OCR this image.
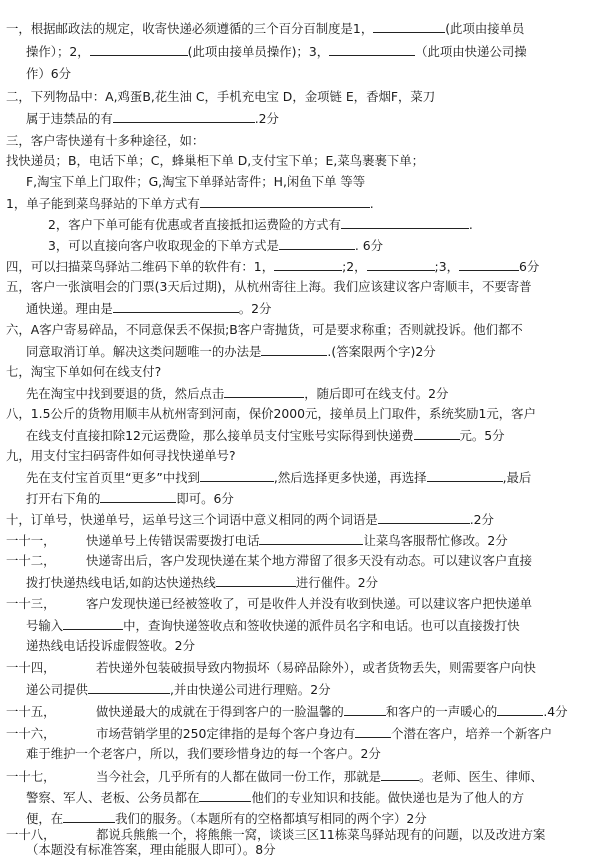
一，根据邮政法的规定，收寄快递必须遵循的三个百分百制度是1，	(此项由接单员
操作）；2，	(此项由接单员操作)；3，	（此项由快递公司操
作）6分
二，下列物品中：A,鸡蛋B,花生油 C，手机充电宝 D，金项链 E，香烟F，菜刀
属于违禁品的有	.2分
三，客户寄快递有十多种途径，如：
找快递员；B，电话下单；C，蜂巢柜下单 D,支付宝下单；E,菜鸟裹裹下单；
F,淘宝下单上门取件；G,淘宝下单驿站寄件；H,闲鱼下单 等等
1，单子能到菜鸟驿站的下单方式有	.
2，客户下单可能有优惠或者直接抵扣运费险的方式有	.
3，可以直接向客户收取现金的下单方式是	. 6分
四，可以扫描菜鸟驿站二维码下单的软件有：1，	;2，	;3，	6分
五，客户一张演唱会的门票(3天后过期)，从杭州寄往上海。我们应该建议客户寄顺丰，不要寄普
通快递。理由是	。2分
六，A客户寄易碎品，不同意保丢不保损;B客户寄抛货，可是要求称重；否则就投诉。他们都不
同意取消订单。解决这类问题唯一的办法是	.(答案限两个字)2分
七，淘宝下单如何在线支付?
先在淘宝中找到要退的货，然后点击	，随后即可在线支付。2分
八，1.5公斤的货物用顺丰从杭州寄到河南，保价2000元，接单员上门取件，系统奖励1元，客户
在线支付直接扣除12元运费险，那么接单员支付宝账号实际得到快递费	元。5分
九，用支付宝扫码寄件如何寻找快递单号?
先在支付宝首页里“更多”中找到	,然后选择更多快递，再选择	,最后
打开右下角的	即可。6分
十，订单号，快递单号，运单号这三个词语中意义相同的两个词语是	.2分
一十一， 快递单号上传错误需要拨打电话	让菜鸟客服帮忙修改。2分
一十二， 快递寄出后，客户发现快递在某个地方滞留了很多天没有动态。可以建议客户直接
拨打快递热线电话,如韵达快递热线	进行催件。2分
一十三， 客户发现快递已经被签收了，可是收件人并没有收到快递。可以建议客户把快递单
号输入	中，查询快递签收点和签收快递的派件员名字和电话。也可以直接拨打快
递热线电话投诉虚假签收。2分
一十四，	若快递外包装破损导致内物损坏（易碎品除外），或者货物丢失，则需要客户向快
递公司提供	,并由快递公司进行理赔。2分
一十五，	做快递最大的成就在于得到客户的一脸温馨的	和客户的一声暖心的	.4分
一十六，	市场营销学里的250定律指的是每个客户身边有	个潜在客户，培养一个新客户
难于维护一个老客户，所以，我们要珍惜身边的每一个客户。2分
一十七，	当今社会，几乎所有的人都在做同一份工作，那就是	。老师、医生、律师、
警察、军人、老板、公务员都在	他们的专业知识和技能。做快递也是为了他人的方
便，在	我们的服务。（本题所有的空格都填写相同的两个字）2分
一十八，	都说兵熊熊一个，将熊熊一窝，谈谈三区11栋菜鸟驿站现有的问题，以及改进方案
（本题没有标准答案，理由能服人即可）。8分
